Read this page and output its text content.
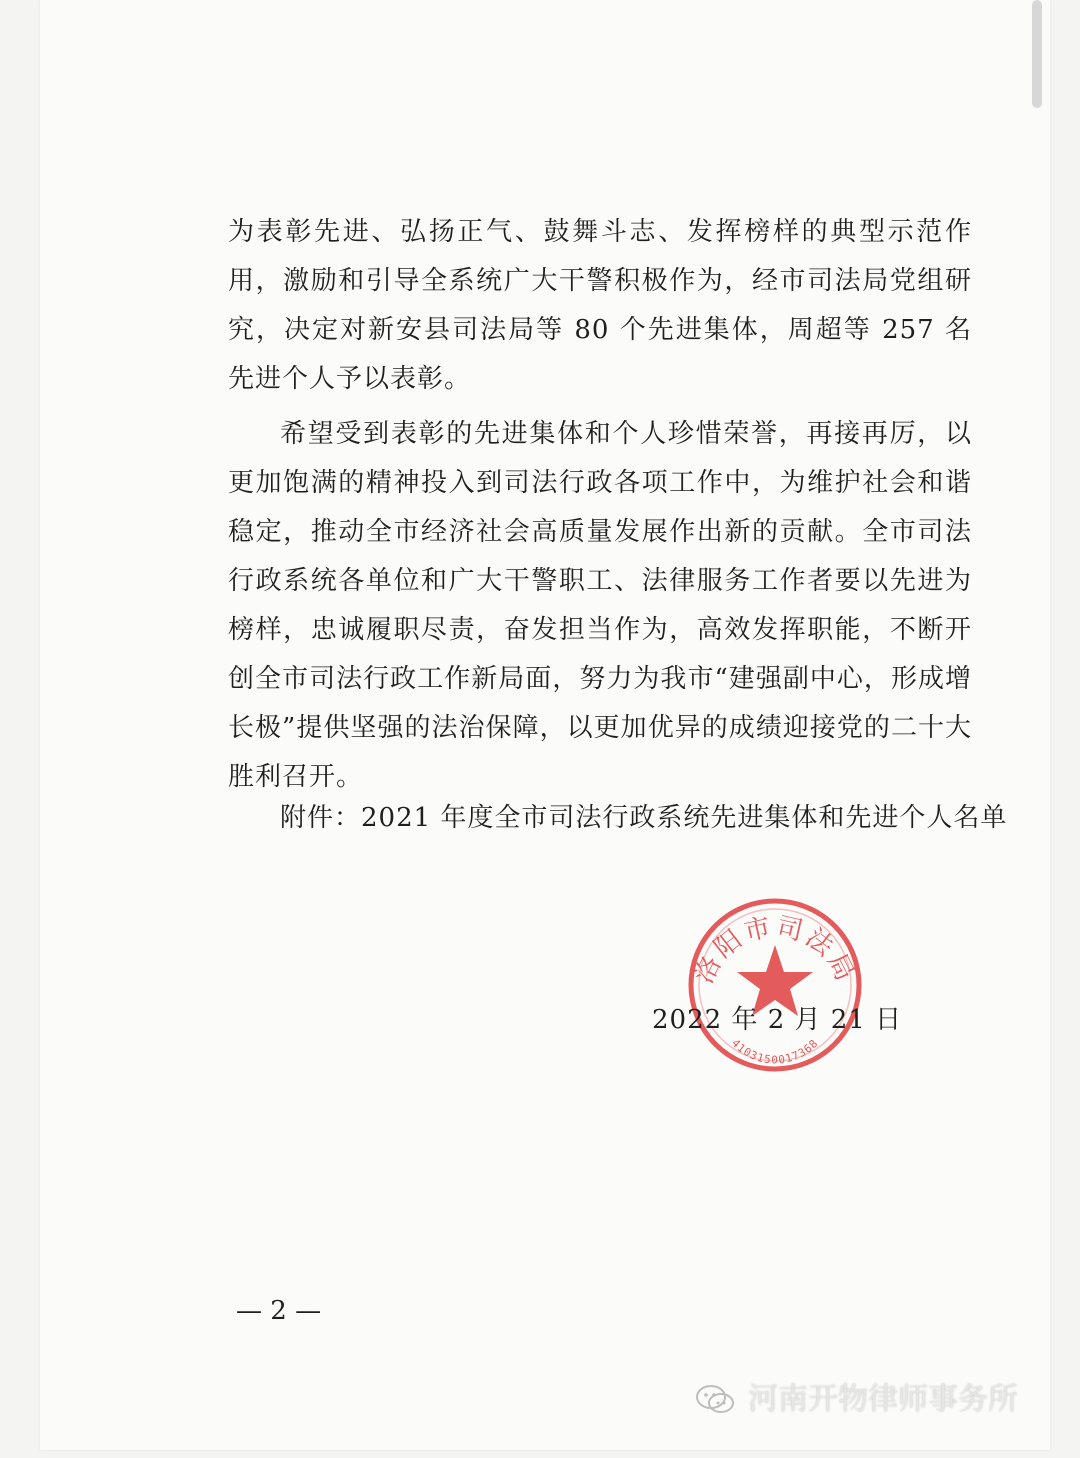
为表彰先进、弘扬正气、鼓舞斗志、发挥榜样的典型示范作用，激励和引导全系统广大干警积极作为，经市司法局党组研究，决定对新安县司法局等 80 个先进集体，周超等 257 名先进个人予以表彰。

希望受到表彰的先进集体和个人珍惜荣誉，再接再厉，以更加饱满的精神投入到司法行政各项工作中，为维护社会和谐稳定，推动全市经济社会高质量发展作出新的贡献。全市司法行政系统各单位和广大干警职工、法律服务工作者要以先进为榜样，忠诚履职尽责，奋发担当作为，高效发挥职能，不断开创全市司法行政工作新局面，努力为我市“建强副中心，形成增长极”提供坚强的法治保障，以更加优异的成绩迎接党的二十大胜利召开。

附件：2021 年度全市司法行政系统先进集体和先进个人名单
洛阳市司法局
4103150017368
2022 年 2 月 21 日
— 2 —
河南开物律师事务所
